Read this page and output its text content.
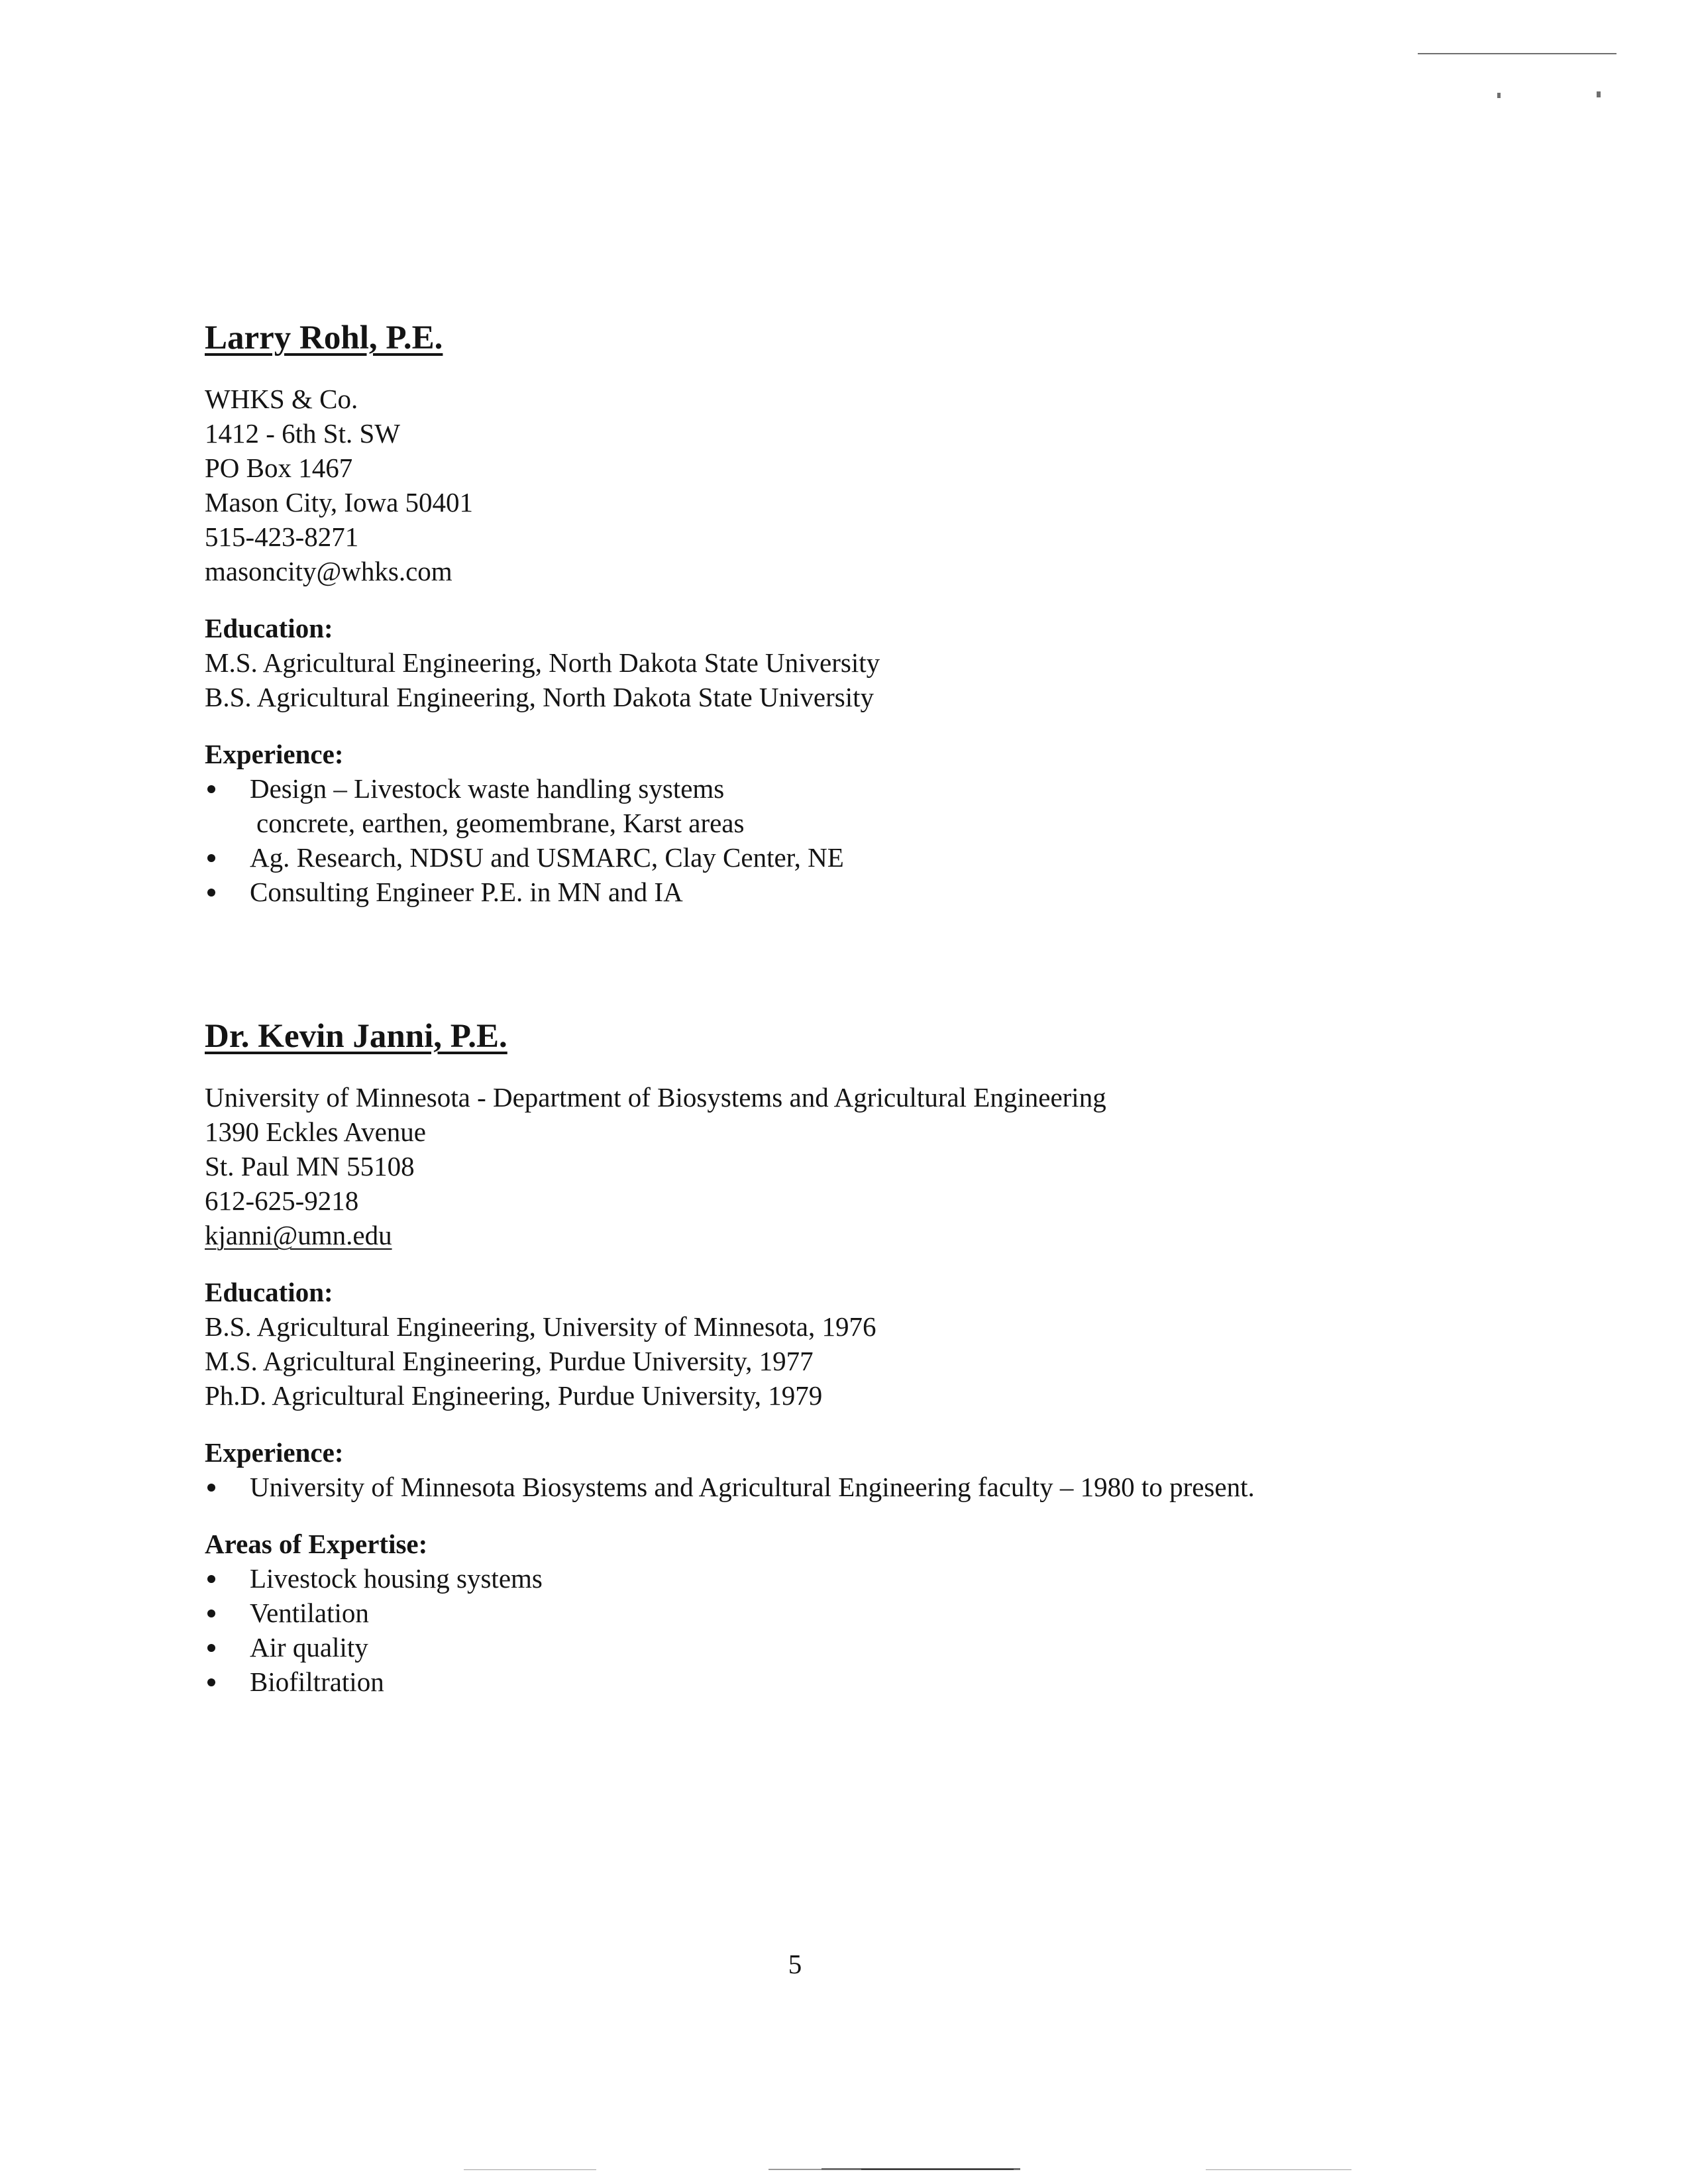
Larry Rohl, P.E.
WHKS & Co.
1412 - 6th St. SW
PO Box 1467
Mason City, Iowa 50401
515-423-8271
masoncity@whks.com
Education:
M.S. Agricultural Engineering, North Dakota State University
B.S. Agricultural Engineering, North Dakota State University
Experience:
Design – Livestock waste handling systems
concrete, earthen, geomembrane, Karst areas
Ag. Research, NDSU and USMARC, Clay Center, NE
Consulting Engineer P.E. in MN and IA
Dr. Kevin Janni, P.E.
University of Minnesota - Department of Biosystems and Agricultural Engineering
1390 Eckles Avenue
St. Paul MN 55108
612-625-9218
kjanni@umn.edu
Education:
B.S. Agricultural Engineering, University of Minnesota, 1976
M.S. Agricultural Engineering, Purdue University, 1977
Ph.D. Agricultural Engineering, Purdue University, 1979
Experience:
University of Minnesota Biosystems and Agricultural Engineering faculty – 1980 to present.
Areas of Expertise:
Livestock housing systems
Ventilation
Air quality
Biofiltration
5
